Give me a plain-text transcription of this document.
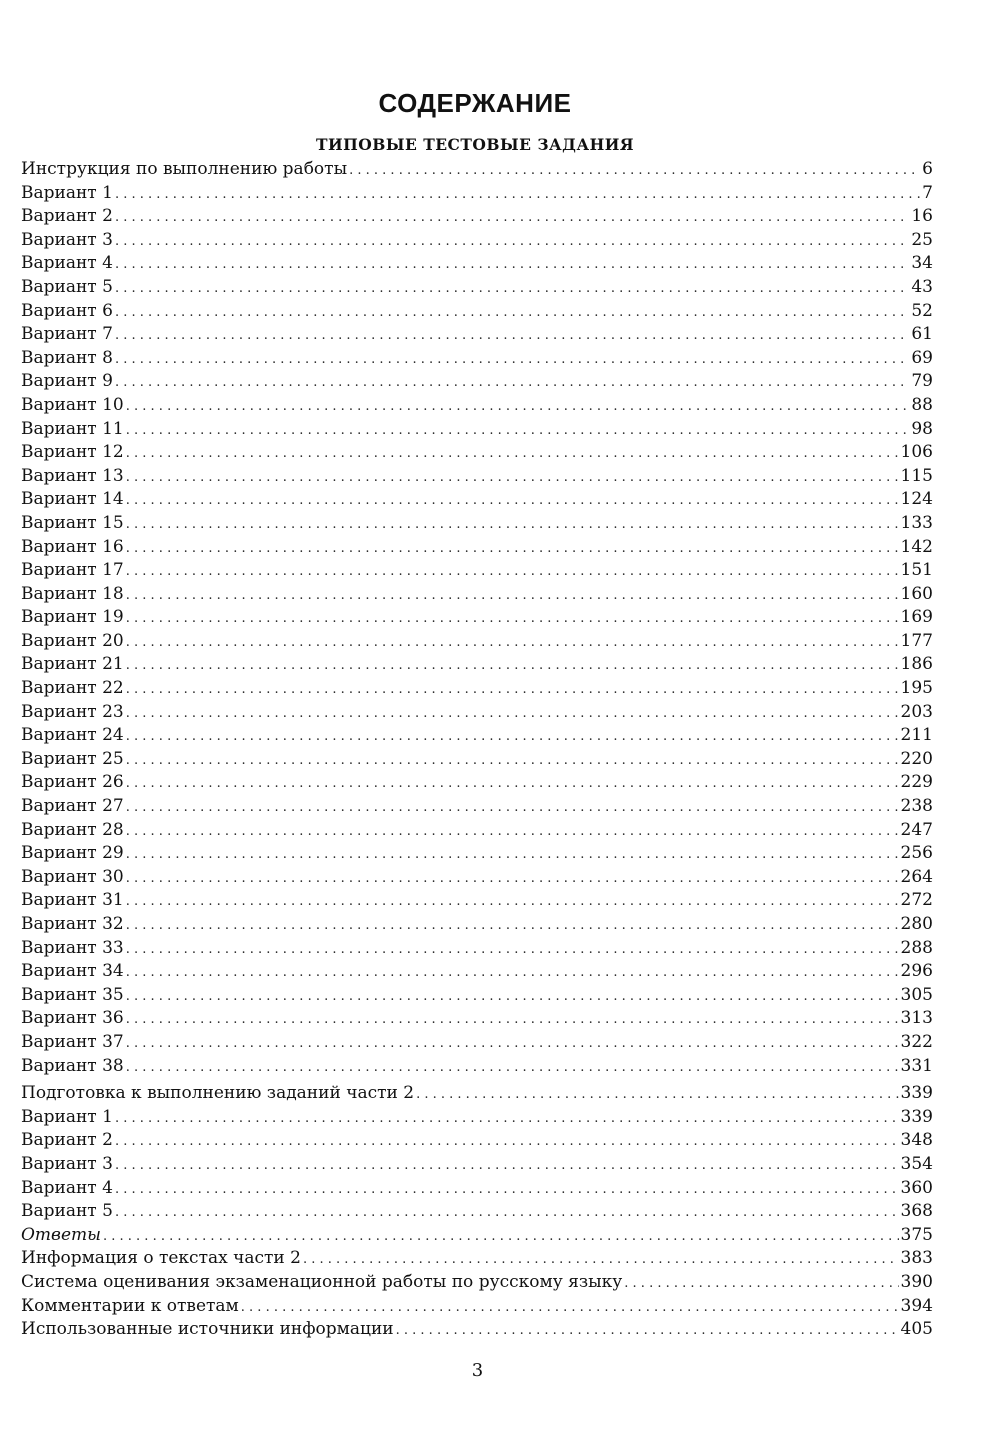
СОДЕРЖАНИЕ
ТИПОВЫЕ ТЕСТОВЫЕ ЗАДАНИЯ
Инструкция по выполнению работы . . .	6
Вариант 1 . . .	7
Вариант 2 . . .	16
Вариант 3 . . .	25
Вариант 4 . . .	34
Вариант 5 . . .	43
Вариант 6 . . .	52
Вариант 7 . . .	61
Вариант 8 . . .	69
Вариант 9 . . .	79
Вариант 10 . . .	88
Вариант 11 . . .	98
Вариант 12 . . .	106
Вариант 13 . . .	115
Вариант 14 . . .	124
Вариант 15 . . .	133
Вариант 16 . . .	142
Вариант 17 . . .	151
Вариант 18 . . .	160
Вариант 19 . . .	169
Вариант 20 . . .	177
Вариант 21 . . .	186
Вариант 22 . . .	195
Вариант 23 . . .	203
Вариант 24 . . .	211
Вариант 25 . . .	220
Вариант 26 . . .	229
Вариант 27 . . .	238
Вариант 28 . . .	247
Вариант 29 . . .	256
Вариант 30 . . .	264
Вариант 31 . . .	272
Вариант 32 . . .	280
Вариант 33 . . .	288
Вариант 34 . . .	296
Вариант 35 . . .	305
Вариант 36 . . .	313
Вариант 37 . . .	322
Вариант 38 . . .	331
Подготовка к выполнению заданий части 2 . . .	339
Вариант 1 . . .	339
Вариант 2 . . .	348
Вариант 3 . . .	354
Вариант 4 . . .	360
Вариант 5 . . .	368
Ответы . . .	375
Информация о текстах части 2 . . .	383
Система оценивания экзаменационной работы по русскому языку . . .	390
Комментарии к ответам . . .	394
Использованные источники информации . . .	405
3
